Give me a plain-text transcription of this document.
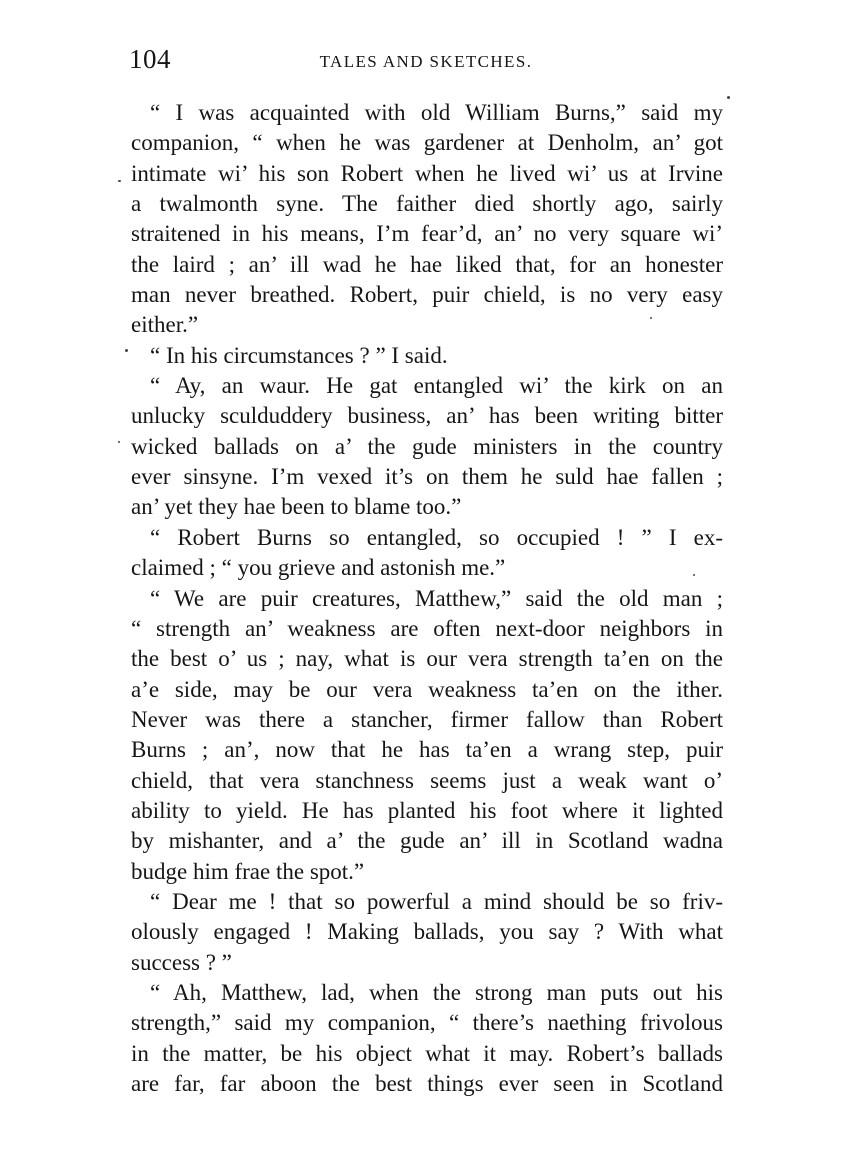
104	TALES AND SKETCHES.
“ I was acquainted with old William Burns,” said my
companion, “ when he was gardener at Denholm, an’ got
intimate wi’ his son Robert when he lived wi’ us at Irvine
a twalmonth syne. The faither died shortly ago, sairly
straitened in his means, I’m fear’d, an’ no very square wi’
the laird ; an’ ill wad he hae liked that, for an honester
man never breathed. Robert, puir chield, is no very easy
either.”
“ In his circumstances ? ” I said.
“ Ay, an waur. He gat entangled wi’ the kirk on an
unlucky sculduddery business, an’ has been writing bitter
wicked ballads on a’ the gude ministers in the country
ever sinsyne. I’m vexed it’s on them he suld hae fallen ;
an’ yet they hae been to blame too.”
“ Robert Burns so entangled, so occupied ! ” I ex-
claimed ; “ you grieve and astonish me.”
“ We are puir creatures, Matthew,” said the old man ;
“ strength an’ weakness are often next-door neighbors in
the best o’ us ; nay, what is our vera strength ta’en on the
a’e side, may be our vera weakness ta’en on the ither.
Never was there a stancher, firmer fallow than Robert
Burns ; an’, now that he has ta’en a wrang step, puir
chield, that vera stanchness seems just a weak want o’
ability to yield. He has planted his foot where it lighted
by mishanter, and a’ the gude an’ ill in Scotland wadna
budge him frae the spot.”
“ Dear me ! that so powerful a mind should be so friv-
olously engaged ! Making ballads, you say ? With what
success ? ”
“ Ah, Matthew, lad, when the strong man puts out his
strength,” said my companion, “ there’s naething frivolous
in the matter, be his object what it may. Robert’s ballads
are far, far aboon the best things ever seen in Scotland
